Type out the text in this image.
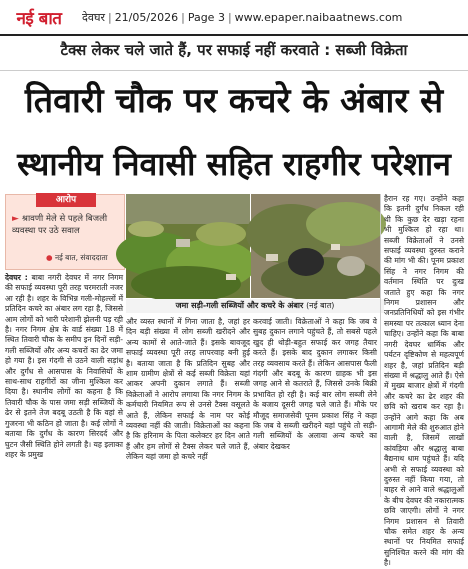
नई बात देवघर | 21/05/2026 | Page 3 | www.epaper.naibaatnews.com
टैक्स लेकर चले जाते हैं, पर सफाई नहीं करवाते : सब्जी विक्रेता
तिवारी चौक पर कचरे के अंबार से
स्थानीय निवासी सहित राहगीर परेशान
आरोप
► श्रावणी मेले से पहले बिजली व्यवस्था पर उठे सवाल
● नई बात, संवाददाता
जमा सड़ी-गली सब्जियों और कचरे के अंबार (नई बात)
देवघर : बाबा नगरी देवघर में नगर निगम की सफाई व्यवस्था पूरी तरह चरमराती नजर आ रही है। शहर के विभिन्न गली-मोहल्लों में प्रतिदिन कचरे का अंबार लग रहा है, जिससे आम लोगों को भारी परेशानी झेलनी पड़ रही है। नगर निगम क्षेत्र के वार्ड संख्या 18 में स्थित तिवारी चौक के समीप इन दिनों सड़ी-गली सब्जियों और अन्य कचरों का ढेर जमा हो गया है। इस गंदगी से उठने वाली सड़ांध और दुर्गंध से आसपास के निवासियों के साथ-साथ राहगीरों का जीना मुश्किल कर दिया है। स्थानीय लोगों का कहना है कि तिवारी चौक के पास जमा सड़ी सब्जियों के ढेर से इतने तेज बदबू उठती है कि वहां से गुजरना भी कठिन हो जाता है। कई लोगों ने बताया कि दुर्गंध के कारण सिरदर्द और घुटन जैसी स्थिति होने लगती है। यह इलाका शहर के प्रमुख
और व्यस्त स्थानों में गिना जाता है, जहां हर दिन बड़ी संख्या में लोग सब्जी खरीदने और अन्य कामों से आते-जाते हैं। इसके बावजूद सफाई व्यवस्था पूरी तरह लापरवाह बनी हुई है। बताया जाता है कि प्रतिदिन सुबह और शाम ग्रामीण क्षेत्रों से कई सब्जी विक्रेता यहां आकर अपनी दुकान लगाते हैं। सब्जी विक्रेताओं ने आरोप लगाया कि नगर निगम के कर्मचारी नियमित रूप से उनसे टैक्स वसूलते आते हैं, लेकिन सफाई के नाम पर कोई व्यवस्था नहीं की जाती। विक्रेताओं का कहना है कि हरिनाम के पिता कलेक्टर हर दिन आते हैं और हम लोगों से टैक्स लेकर चले जाते हैं, लेकिन यहां जमा हो कचरे नहीं
करवाई जाती। विक्रेताओं ने कहा कि जब वे सुबह दुकान लगाने पहुंचते हैं, तो सबसे पहले खुद ही थोड़ी-बहुत सफाई कर जगह तैयार करते हैं। इसके बाद दुकान लगाकर किसी तरह व्यवसाय करते हैं। लेकिन आसपास फैली गंदगी और बदबू के कारण ग्राहक भी इस जगह आने से कतराते हैं, जिससे उनके बिक्री प्रभावित हो रही है। कई बार लोग सब्जी लेने के बजाय दूसरी जगह चले जाते हैं। मौके पर मौजूद समाजसेवी पूनम प्रकाश सिंह ने कहा कि जब वे सब्जी खरीदने यहां पहुंचे तो सड़ी-गली सब्जियों के अलावा अन्य कचरे का अंबार देखकर
हैरान रह गए। उन्होंने कहा कि इतनी दुर्गंध निकल रही थी कि कुछ देर खड़ा रहना भी मुश्किल हो रहा था। सब्जी विक्रेताओं ने उनसे सफाई व्यवस्था दुरुस्त कराने की मांग भी की। पूनम प्रकाश सिंह ने नगर निगम की वर्तमान स्थिति पर दुःख जताते हुए कहा कि नगर निगम प्रशासन और जनप्रतिनिधियों को इस गंभीर समस्या पर तत्काल ध्यान देना चाहिए। उन्होंने कहा कि बाबा नगरी देवघर धार्मिक और पर्यटन दृष्टिकोण से महत्वपूर्ण शहर है, जहां प्रतिदिन बड़ी संख्या में श्रद्धालु आते हैं। ऐसे में मुख्य बाजार क्षेत्रों में गंदगी और कचरे का ढेर शहर की छवि को खराब कर रहा है। उन्होंने आगे कहा कि अब आगामी मेले की शुरुआत होने वाली है, जिसमें लाखों कांवड़िया और श्रद्धालु बाबा बैद्यनाथ धाम पहुंचते हैं। यदि अभी से सफाई व्यवस्था को दुरुस्त नहीं किया गया, तो बाहर से आने वाले श्रद्धालुओं के बीच देवघर की नकारात्मक छवि जाएगी। लोगों ने नगर निगम प्रशासन से तिवारी चौक समेत शहर के अन्य स्थानों पर नियमित सफाई सुनिश्चित करने की मांग की है।
